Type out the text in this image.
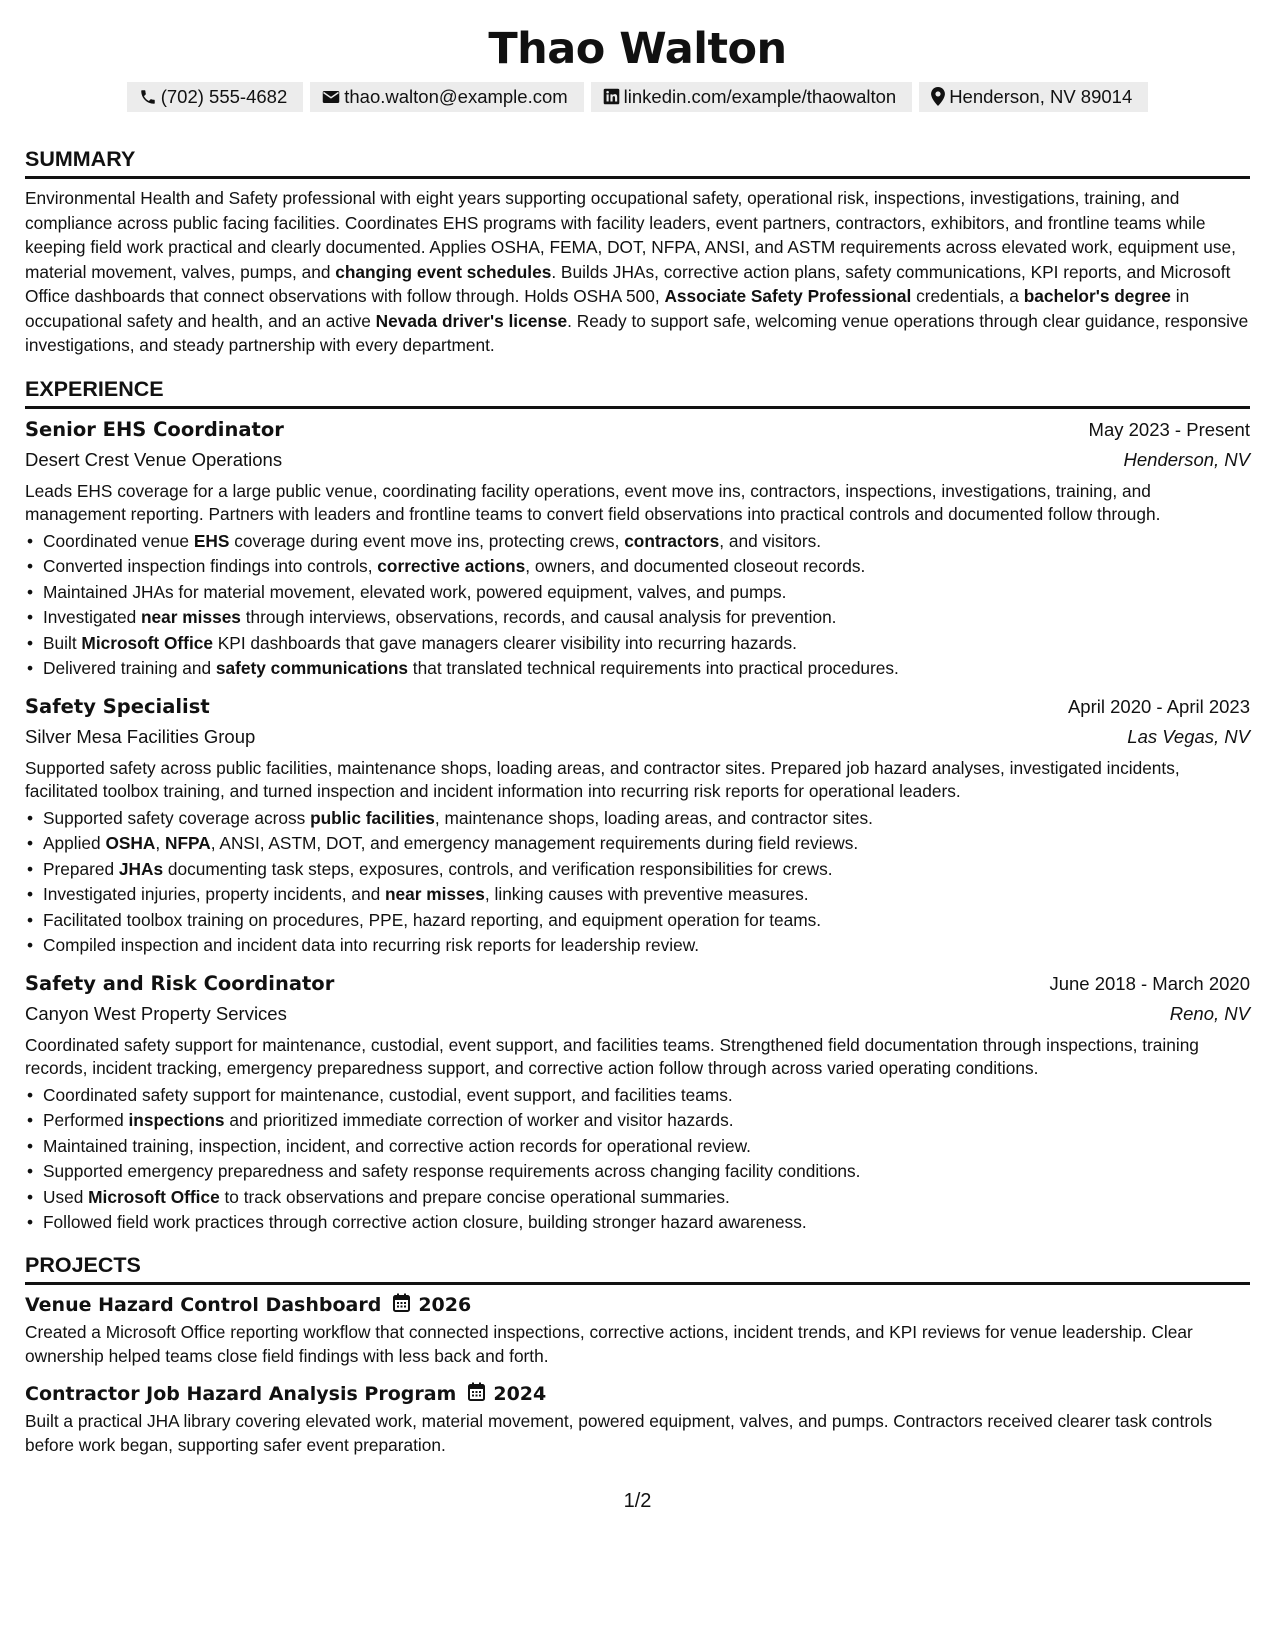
Thao Walton
(702) 555-4682	thao.walton@example.com	linkedin.com/example/thaowalton	Henderson, NV 89014
SUMMARY
Environmental Health and Safety professional with eight years supporting occupational safety, operational risk, inspections, investigations, training, and compliance across public facing facilities. Coordinates EHS programs with facility leaders, event partners, contractors, exhibitors, and frontline teams while keeping field work practical and clearly documented. Applies OSHA, FEMA, DOT, NFPA, ANSI, and ASTM requirements across elevated work, equipment use, material movement, valves, pumps, and changing event schedules. Builds JHAs, corrective action plans, safety communications, KPI reports, and Microsoft Office dashboards that connect observations with follow through. Holds OSHA 500, Associate Safety Professional credentials, a bachelor's degree in occupational safety and health, and an active Nevada driver's license. Ready to support safe, welcoming venue operations through clear guidance, responsive investigations, and steady partnership with every department.
EXPERIENCE
Senior EHS Coordinator	May 2023 - Present
Desert Crest Venue Operations	Henderson, NV
Leads EHS coverage for a large public venue, coordinating facility operations, event move ins, contractors, inspections, investigations, training, and management reporting. Partners with leaders and frontline teams to convert field observations into practical controls and documented follow through.
• Coordinated venue EHS coverage during event move ins, protecting crews, contractors, and visitors.
• Converted inspection findings into controls, corrective actions, owners, and documented closeout records.
• Maintained JHAs for material movement, elevated work, powered equipment, valves, and pumps.
• Investigated near misses through interviews, observations, records, and causal analysis for prevention.
• Built Microsoft Office KPI dashboards that gave managers clearer visibility into recurring hazards.
• Delivered training and safety communications that translated technical requirements into practical procedures.
Safety Specialist	April 2020 - April 2023
Silver Mesa Facilities Group	Las Vegas, NV
Supported safety across public facilities, maintenance shops, loading areas, and contractor sites. Prepared job hazard analyses, investigated incidents, facilitated toolbox training, and turned inspection and incident information into recurring risk reports for operational leaders.
• Supported safety coverage across public facilities, maintenance shops, loading areas, and contractor sites.
• Applied OSHA, NFPA, ANSI, ASTM, DOT, and emergency management requirements during field reviews.
• Prepared JHAs documenting task steps, exposures, controls, and verification responsibilities for crews.
• Investigated injuries, property incidents, and near misses, linking causes with preventive measures.
• Facilitated toolbox training on procedures, PPE, hazard reporting, and equipment operation for teams.
• Compiled inspection and incident data into recurring risk reports for leadership review.
Safety and Risk Coordinator	June 2018 - March 2020
Canyon West Property Services	Reno, NV
Coordinated safety support for maintenance, custodial, event support, and facilities teams. Strengthened field documentation through inspections, training records, incident tracking, emergency preparedness support, and corrective action follow through across varied operating conditions.
• Coordinated safety support for maintenance, custodial, event support, and facilities teams.
• Performed inspections and prioritized immediate correction of worker and visitor hazards.
• Maintained training, inspection, incident, and corrective action records for operational review.
• Supported emergency preparedness and safety response requirements across changing facility conditions.
• Used Microsoft Office to track observations and prepare concise operational summaries.
• Followed field work practices through corrective action closure, building stronger hazard awareness.
PROJECTS
Venue Hazard Control Dashboard 2026
Created a Microsoft Office reporting workflow that connected inspections, corrective actions, incident trends, and KPI reviews for venue leadership. Clear ownership helped teams close field findings with less back and forth.
Contractor Job Hazard Analysis Program 2024
Built a practical JHA library covering elevated work, material movement, powered equipment, valves, and pumps. Contractors received clearer task controls before work began, supporting safer event preparation.
1/2
